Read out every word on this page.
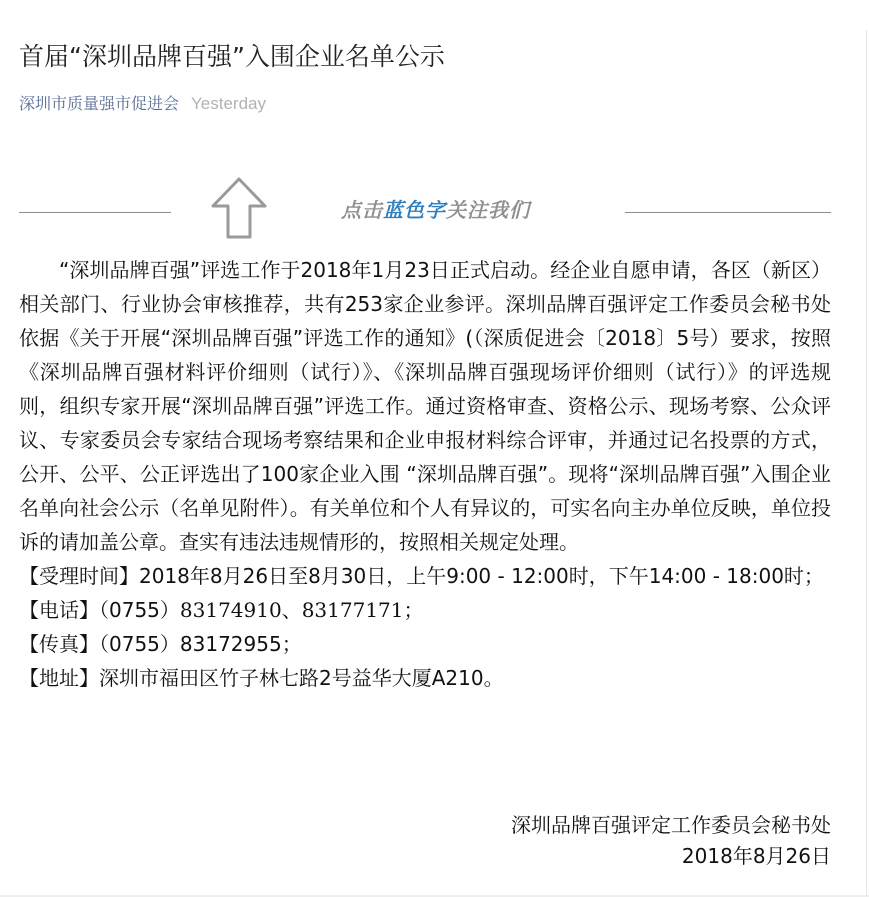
首届“深圳品牌百强”入围企业名单公示
深圳市质量强市促进会 Yesterday
点击蓝色字关注我们

“深圳品牌百强”评选工作于2018年1月23日正式启动。经企业自愿申请，各区（新区）相关部门、行业协会审核推荐，共有253家企业参评。深圳品牌百强评定工作委员会秘书处依据《关于开展“深圳品牌百强”评选工作的通知》(（深质促进会〔2018〕5号）要求，按照《深圳品牌百强材料评价细则（试行）》、《深圳品牌百强现场评价细则（试行）》的评选规则，组织专家开展“深圳品牌百强”评选工作。通过资格审查、资格公示、现场考察、公众评议、专家委员会专家结合现场考察结果和企业申报材料综合评审，并通过记名投票的方式，公开、公平、公正评选出了100家企业入围 “深圳品牌百强”。现将“深圳品牌百强”入围企业名单向社会公示（名单见附件）。有关单位和个人有异议的，可实名向主办单位反映，单位投诉的请加盖公章。查实有违法违规情形的，按照相关规定处理。

【受理时间】2018年8月26日至8月30日，上午9:00 - 12:00时，下午14:00 - 18:00时；

【电话】（0755）83174910、83177171；

【传真】（0755）83172955；

【地址】深圳市福田区竹子林七路2号益华大厦A210。

深圳品牌百强评定工作委员会秘书处
2018年8月26日
